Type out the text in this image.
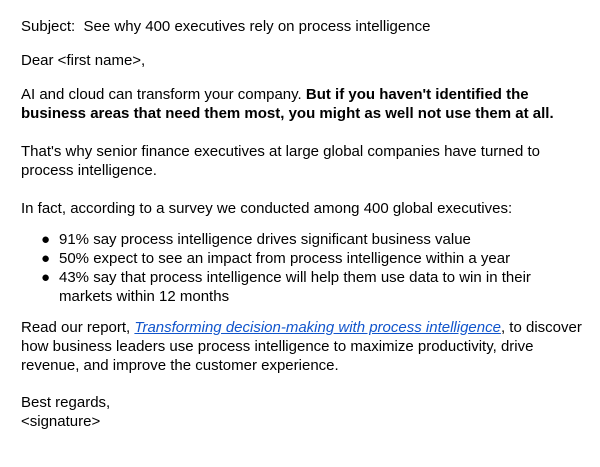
Subject: See why 400 executives rely on process intelligence

Dear <first name>,

AI and cloud can transform your company. But if you haven't identified the business areas that need them most, you might as well not use them at all.

That's why senior finance executives at large global companies have turned to process intelligence.

In fact, according to a survey we conducted among 400 global executives:

● 91% say process intelligence drives significant business value
● 50% expect to see an impact from process intelligence within a year
● 43% say that process intelligence will help them use data to win in their markets within 12 months

Read our report, Transforming decision-making with process intelligence, to discover how business leaders use process intelligence to maximize productivity, drive revenue, and improve the customer experience.

Best regards,
<signature>
